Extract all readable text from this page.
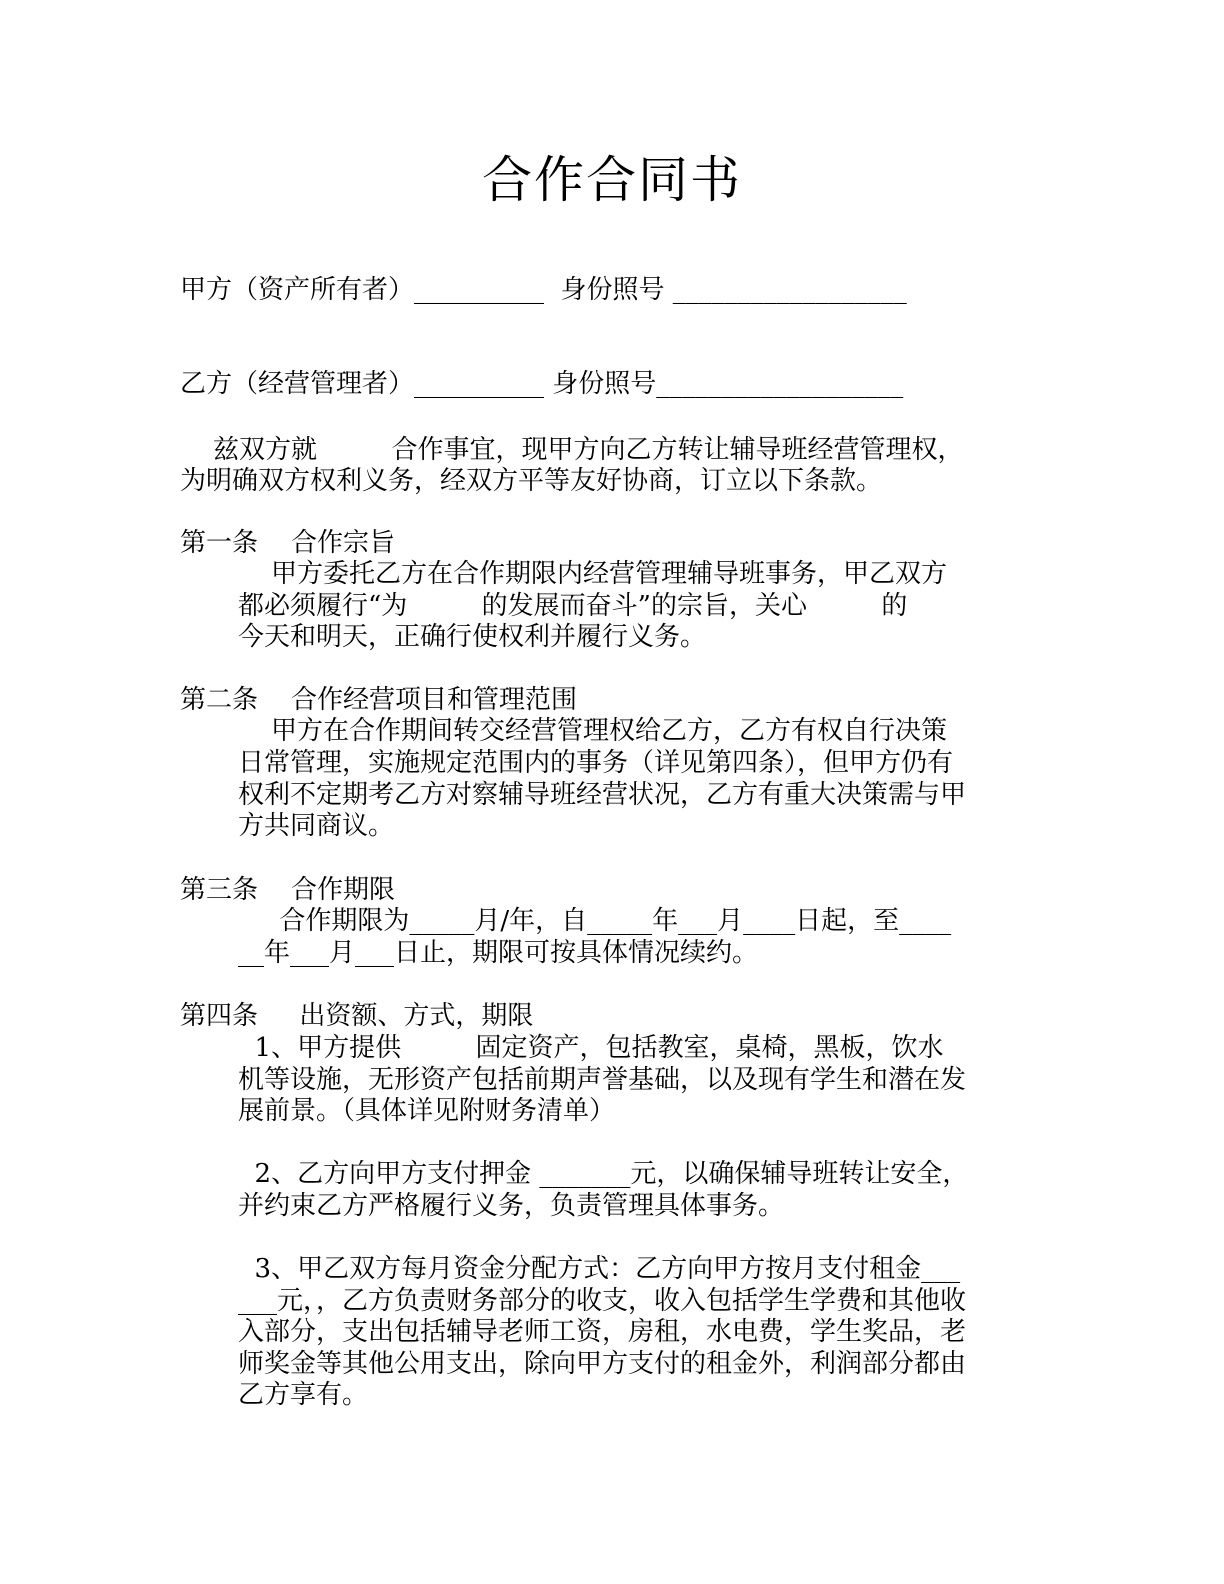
合作合同书
甲方（资产所有者）__________  身份照号 __________________
乙方（经营管理者）__________ 身份照号___________________
兹双方就         合作事宜，现甲方向乙方转让辅导班经营管理权，
为明确双方权利义务，经双方平等友好协商，订立以下条款。
第一条    合作宗旨
甲方委托乙方在合作期限内经营管理辅导班事务，甲乙双方
都必须履行“为         的发展而奋斗”的宗旨，关心         的
今天和明天，正确行使权利并履行义务。
第二条    合作经营项目和管理范围
甲方在合作期间转交经营管理权给乙方，乙方有权自行决策
日常管理，实施规定范围内的事务（详见第四条），但甲方仍有
权利不定期考乙方对察辅导班经营状况，乙方有重大决策需与甲
方共同商议。
第三条    合作期限
合作期限为_____月/年，自_____年___月____日起，至____
__年___月___日止，期限可按具体情况续约。
第四条     出资额、方式，期限
1、甲方提供         固定资产，包括教室，桌椅，黑板，饮水
机等设施，无形资产包括前期声誉基础，以及现有学生和潜在发
展前景。（具体详见附财务清单）
2、乙方向甲方支付押金 _______元，以确保辅导班转让安全，
并约束乙方严格履行义务，负责管理具体事务。
3、甲乙双方每月资金分配方式：乙方向甲方按月支付租金___
___元，，乙方负责财务部分的收支，收入包括学生学费和其他收
入部分，支出包括辅导老师工资，房租，水电费，学生奖品，老
师奖金等其他公用支出，除向甲方支付的租金外，利润部分都由
乙方享有。
